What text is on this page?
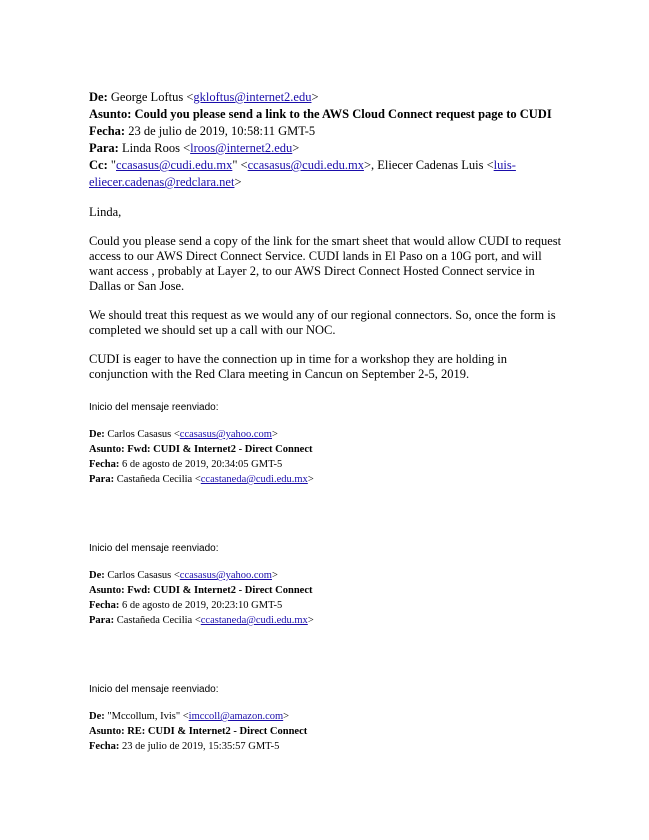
De: George Loftus <gkloftus@internet2.edu>
Asunto: Could you please send a link to the AWS Cloud Connect request page to CUDI
Fecha: 23 de julio de 2019, 10:58:11 GMT-5
Para: Linda Roos <lroos@internet2.edu>
Cc: "ccasasus@cudi.edu.mx" <ccasasus@cudi.edu.mx>, Eliecer Cadenas Luis <luis-
eliecer.cadenas@redclara.net>
Linda,
Could you please send a copy of the link for the smart sheet that would allow CUDI to request access to our AWS Direct Connect Service. CUDI lands in El Paso on a 10G port, and will want access , probably at Layer 2, to our AWS Direct Connect Hosted Connect service in Dallas or San Jose.
We should treat this request as we would any of our regional connectors. So, once the form is completed we should set up a call with our NOC.
CUDI is eager to have the connection up in time for a workshop they are holding in conjunction with the Red Clara meeting in Cancun on September 2-5, 2019.
Inicio del mensaje reenviado:
De: Carlos Casasus <ccasasus@yahoo.com>
Asunto: Fwd: CUDI & Internet2 - Direct Connect
Fecha: 6 de agosto de 2019, 20:34:05 GMT-5
Para: Castañeda Cecilia <ccastaneda@cudi.edu.mx>
Inicio del mensaje reenviado:
De: Carlos Casasus <ccasasus@yahoo.com>
Asunto: Fwd: CUDI & Internet2 - Direct Connect
Fecha: 6 de agosto de 2019, 20:23:10 GMT-5
Para: Castañeda Cecilia <ccastaneda@cudi.edu.mx>
Inicio del mensaje reenviado:
De: "Mccollum, Ivis" <imccoll@amazon.com>
Asunto: RE: CUDI & Internet2 - Direct Connect
Fecha: 23 de julio de 2019, 15:35:57 GMT-5
